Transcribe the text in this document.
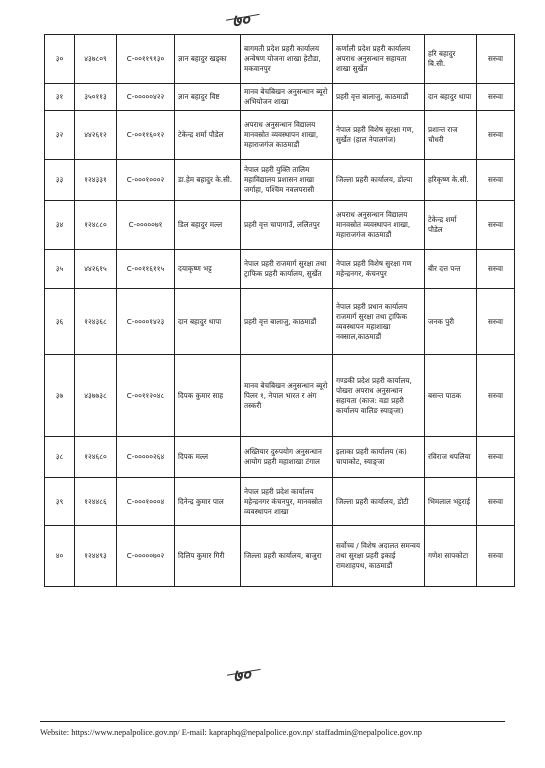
७०
३०	४३७८०९	C-००११९१३०	ज्ञान बहादुर खड्का	बागमती प्रदेश प्रहरी कार्यालय अन्वेषण योजना शाखा हेटौडा, मकवानपुर	कर्णाली प्रदेश प्रहरी कार्यालय अपराध अनुसन्धान सहायता शाखा सुर्खेत	हरि बहादुर बि.सी.	सरुवा
३१	३५०११३	C-०००००४२२	ज्ञान बहादुर विष्ट	मानव बेचबिखन अनुसन्धान ब्यूरो अभियोजन शाखा	प्रहरी वृत्त बालाजु, काठमाडौं	दान बहादुर थापा	सरुवा
३२	४४२६१२	C-००११६०१२	टेकेन्द्र शर्मा पौडेल	अपराध अनुसन्धान विद्यालय मानवस्रोत व्यवस्थापन शाखा, महाराजगंज काठमाडौं	नेपाल प्रहरी विशेष सुरक्षा गण, सुर्खेत (हाल नेपालगंज)	प्रशान्त राज चौधरी	सरुवा
३३	१२४३३१	C-०००१०००२	डा.हेम बहादुर के.सी.	नेपाल प्रहरी युक्ति तालिम महाविद्यालय प्रशासन शाखा जर्गाहा, पश्चिम नवलपरासी	जिल्ला प्रहरी कार्यालय, डोल्पा	हरिकृष्ण के.सी.	सरुवा
३४	१२४८८०	C-०००००७१	डिल बहादुर मल्ल	प्रहरी वृत्त चापागाउँ, ललितपुर	अपराध अनुसन्धान विद्यालय मानवस्रोत व्यवस्थापन शाखा, महाराजगंज काठमाडौं	टेकेन्द्र शर्मा पौडेल	सरुवा
३५	४४२६१५	C-००११६११५	दयाकृष्ण भट्ट	नेपाल प्रहरी राजमार्ग सुरक्षा तथा ट्राफिक प्रहरी कार्यालय, सुर्खेत	नेपाल प्रहरी विशेष सुरक्षा गण महेन्द्रनगर, कंचनपुर	बीर दत्त पन्त	सरुवा
३६	१२४३६८	C-००००१४२३	दान बहादुर थापा	प्रहरी वृत्त बालाजु, काठमाडौं	नेपाल प्रहरी प्रधान कार्यालय राजमार्ग सुरक्षा तथा ट्राफिक व्यवस्थापन महाशाखा नक्साल,काठमाडौं	जनक पुरी	सरुवा
३७	४३७७३८	C-००११२०४८	दिपक कुमार साह	मानव बेचबिखन अनुसन्धान ब्यूरो पिलर १, नेपाल भारत र अंग तस्करी	गण्डकी प्रदेश प्रहरी कार्यालय, पोखरा अपराध अनुसन्धान सहायता (काज: वडा प्रहरी कार्यालय वालिङ स्याङ्जा)	बसन्त पाठक	सरुवा
३८	१२४६८०	C-०००००२६४	दिपक मल्ल	अख्तियार दुरुपयोग अनुसन्धान आयोग प्रहरी महाशाखा टंगाल	इलाका प्रहरी कार्यालय (क) चापाकोट, स्याङ्जा	रविराज थपलिया	सरुवा
३९	१२४४८६	C-०००१०००४	दिनेन्द्र कुमार पाल	नेपाल प्रहरी प्रदेश कार्यालय महेन्द्रनगर कंचनपुर, मानवस्रोत व्यवस्थापन शाखा	जिल्ला प्रहरी कार्यालय, डोटी	भिमलाल भट्टराई	सरुवा
४०	१२४४९३	C-०००००७०२	दिलिप कुमार गिरी	जिल्ला प्रहरी कार्यालय, बाजुरा	सर्वोच्च / विशेष अदालत समन्वय तथा सुरक्षा प्रहरी इकाई रामशाहपथ, काठमाडौं	गणेश सापकोटा	सरुवा
७०
Website: https://www.nepalpolice.gov.np/ E-mail: kapraphq@nepalpolice.gov.np/ staffadmin@nepalpolice.gov.np
